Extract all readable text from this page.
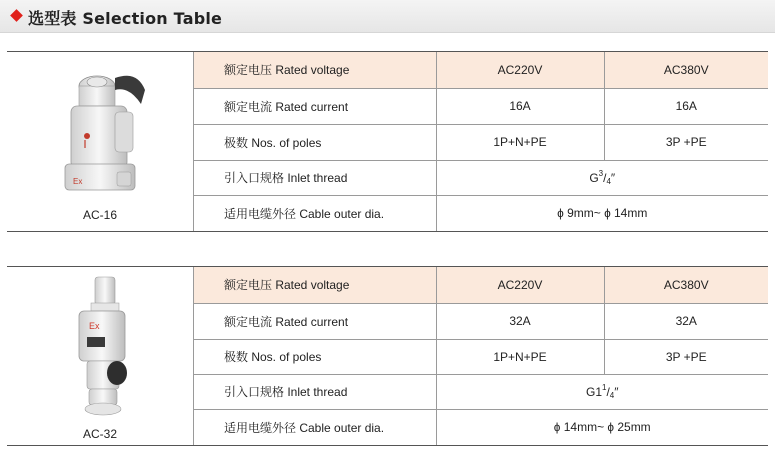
选型表 Selection Table
Ex
AC-16
额定电压 Rated voltage	AC220V	AC380V
额定电流 Rated current	16A	16A
极数 Nos. of poles	1P+N+PE	3P +PE
引入口规格 Inlet thread	$G^3/_4''$	
适用电缆外径 Cable outer dia.	ɸ 9mm~ ɸ 14mm	
Ex
AC-32
额定电压 Rated voltage	AC220V	AC380V
额定电流 Rated current	32A	32A
极数 Nos. of poles	1P+N+PE	3P +PE
引入口规格 Inlet thread	$G1^1/_4''$	
适用电缆外径 Cable outer dia.	ɸ 14mm~ ɸ 25mm	
